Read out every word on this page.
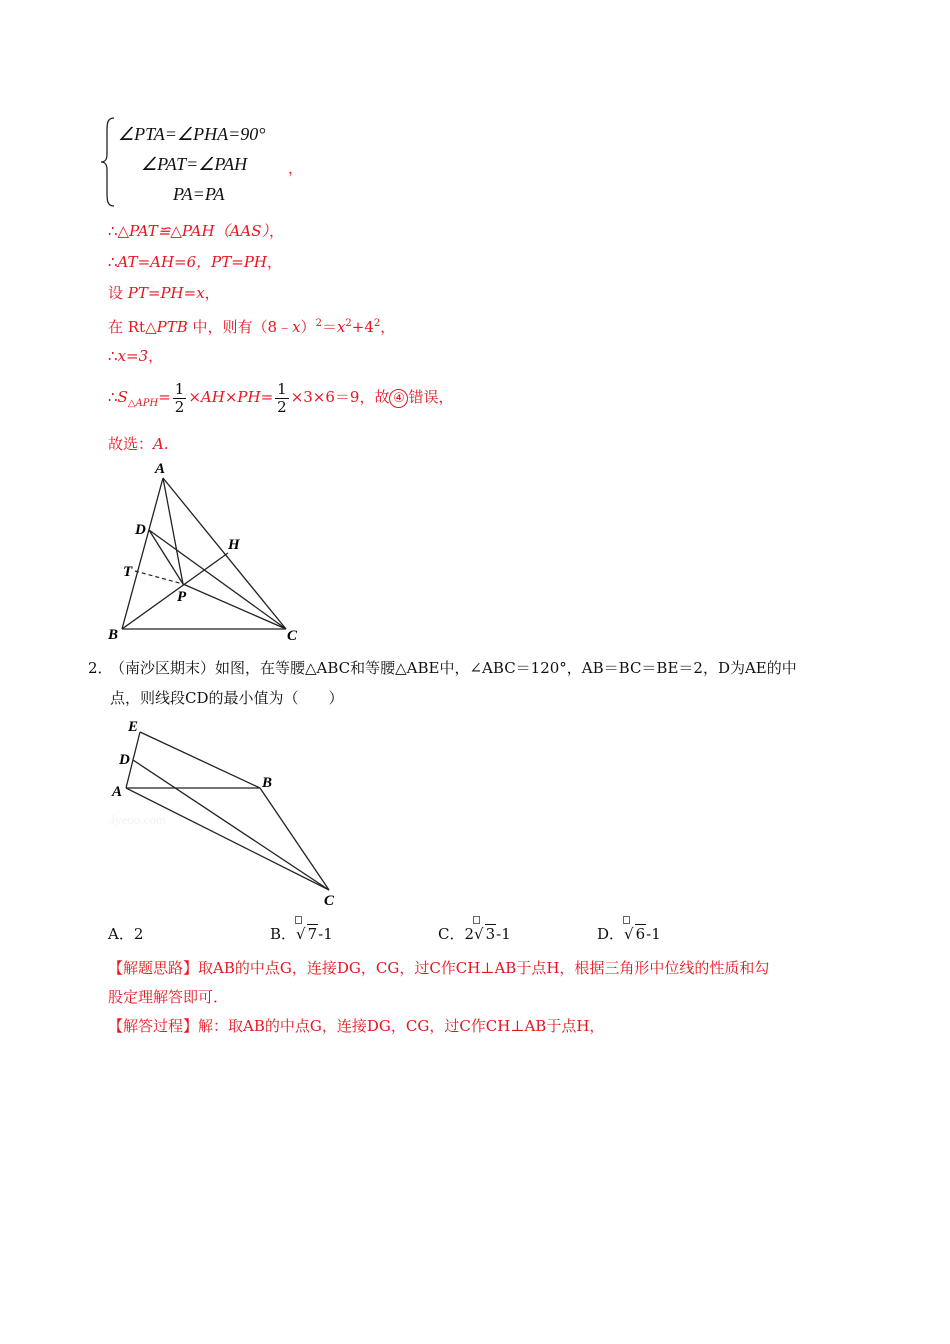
∠PTA=∠PHA=90°
∠PAT=∠PAH	，
PA=PA
∴△PAT≌△PAH（AAS），
∴AT=AH=6，PT=PH，
设 PT=PH=x，
在 Rt△PTB 中，则有$(8﹣x)^2=x^2+4^2$，
∴x=3，
$\therefore S_{\triangle APH}= \frac{1}{2} \times AH\times PH= \frac{1}{2} \times 3\times 6=9$，故 ④ 错误，
故选：A.
A
D
H
T
P
B	C
2．
（南沙区期末）如图，在等腰△ABC和等腰△ABE中，∠ABC＝120°，AB＝BC＝BE＝2，D为AE的中
点，则线段CD的最小值为（　　）
Jyeoo.com
E
D
A
B
C
A．2	B．
√ 7-1	C．2
√ 3-1	D．
√ 6-1
【解题思路】取AB的中点G，连接DG，CG，过C作CH⊥AB于点H，根据三角形中位线的性质和勾
股定理解答即可．
【解答过程】解：取AB的中点G，连接DG，CG，过C作CH⊥AB于点H，
